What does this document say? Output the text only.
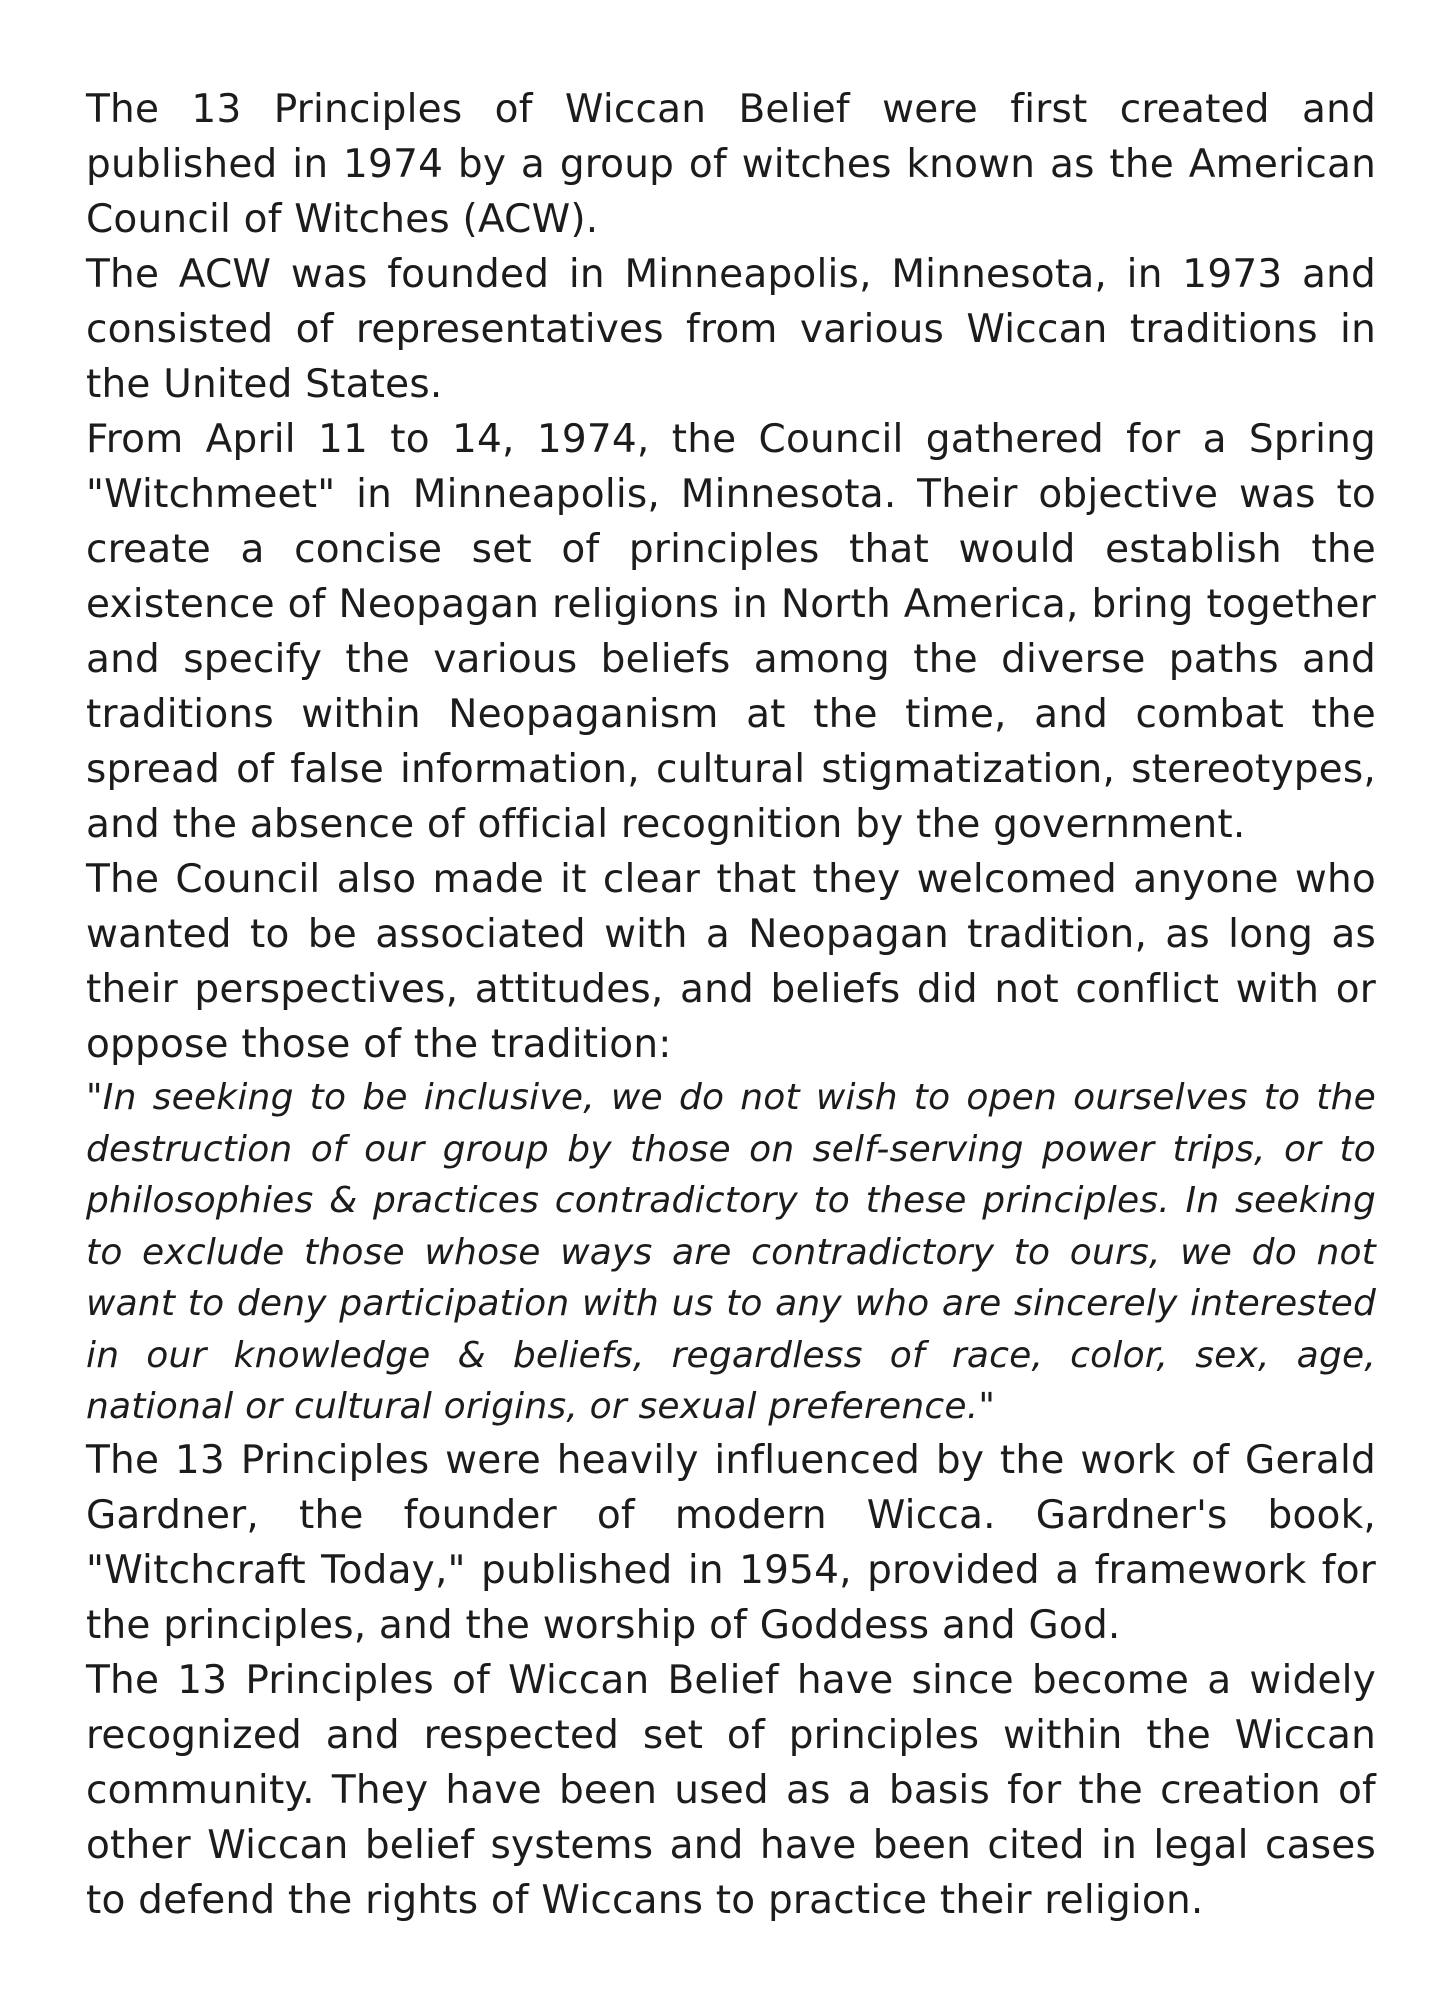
The 13 Principles of Wiccan Belief were first created and published in 1974 by a group of witches known as the American Council of Witches (ACW).

The ACW was founded in Minneapolis, Minnesota, in 1973 and consisted of representatives from various Wiccan traditions in the United States.

From April 11 to 14, 1974, the Council gathered for a Spring "Witchmeet" in Minneapolis, Minnesota. Their objective was to create a concise set of principles that would establish the existence of Neopagan religions in North America, bring together and specify the various beliefs among the diverse paths and traditions within Neopaganism at the time, and combat the spread of false information, cultural stigmatization, stereotypes, and the absence of official recognition by the government.

The Council also made it clear that they welcomed anyone who wanted to be associated with a Neopagan tradition, as long as their perspectives, attitudes, and beliefs did not conflict with or oppose those of the tradition:

"In seeking to be inclusive, we do not wish to open ourselves to the destruction of our group by those on self-serving power trips, or to philosophies & practices contradictory to these principles. In seeking to exclude those whose ways are contradictory to ours, we do not want to deny participation with us to any who are sincerely interested in our knowledge & beliefs, regardless of race, color, sex, age, national or cultural origins, or sexual preference."

The 13 Principles were heavily influenced by the work of Gerald Gardner, the founder of modern Wicca. Gardner's book, "Witchcraft Today," published in 1954, provided a framework for the principles, and the worship of Goddess and God.

The 13 Principles of Wiccan Belief have since become a widely recognized and respected set of principles within the Wiccan community. They have been used as a basis for the creation of other Wiccan belief systems and have been cited in legal cases to defend the rights of Wiccans to practice their religion.
